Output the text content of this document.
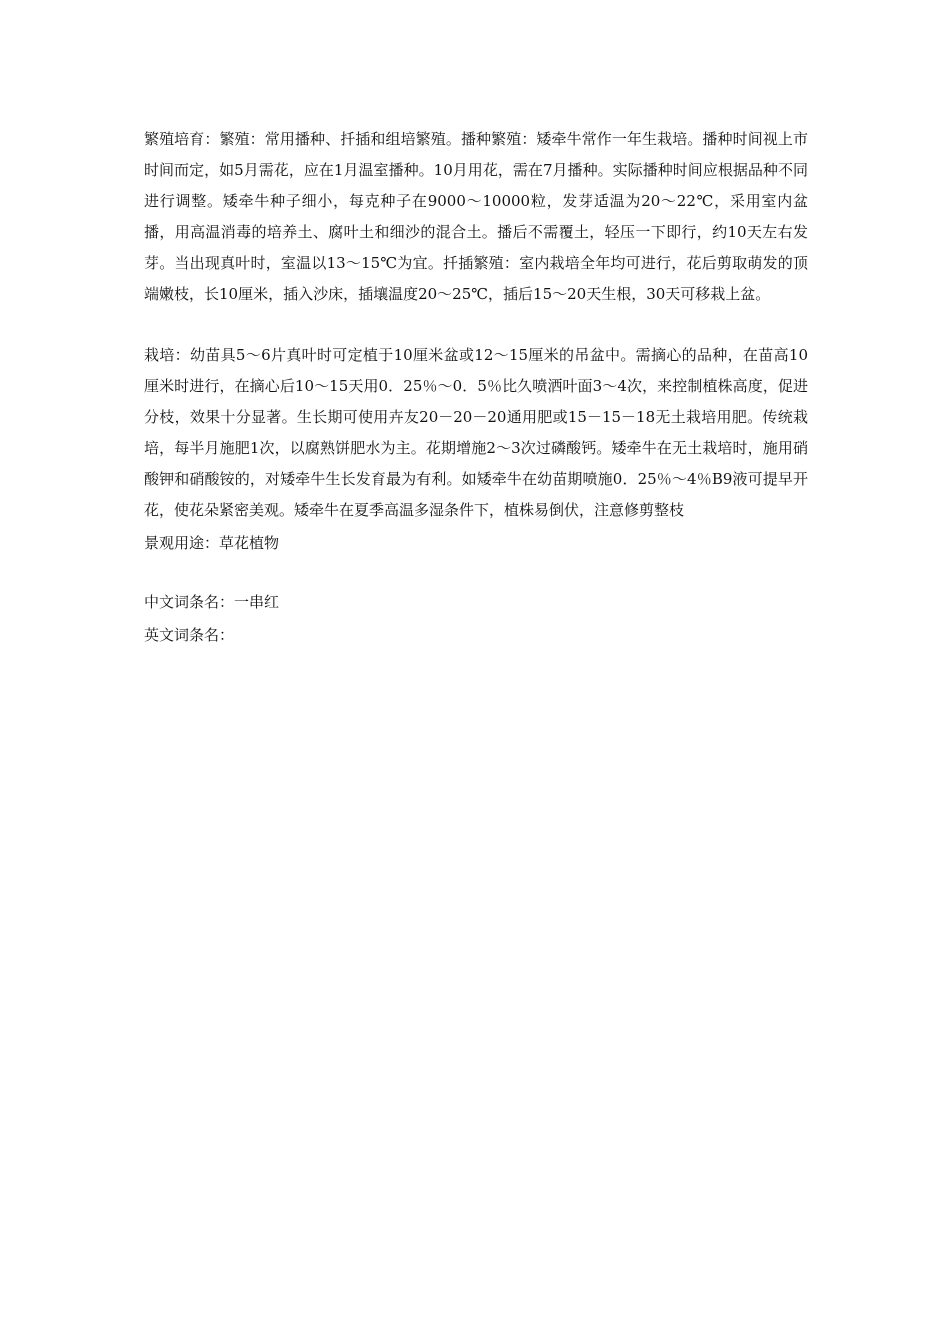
繁殖培育：繁殖：常用播种、扦插和组培繁殖。播种繁殖：矮牵牛常作一年生栽培。播种时间视上市时间而定，如5月需花，应在1月温室播种。10月用花，需在7月播种。实际播种时间应根据品种不同进行调整。矮牵牛种子细小，每克种子在9000～10000粒，发芽适温为20～22℃，采用室内盆播，用高温消毒的培养土、腐叶土和细沙的混合土。播后不需覆土，轻压一下即行，约10天左右发芽。当出现真叶时，室温以13～15℃为宜。扦插繁殖：室内栽培全年均可进行，花后剪取萌发的顶端嫩枝，长10厘米，插入沙床，插壤温度20～25℃，插后15～20天生根，30天可移栽上盆。

栽培：幼苗具5～6片真叶时可定植于10厘米盆或12～15厘米的吊盆中。需摘心的品种，在苗高10厘米时进行，在摘心后10～15天用0．25％～0．5％比久喷洒叶面3～4次，来控制植株高度，促进分枝，效果十分显著。生长期可使用卉友20－20－20通用肥或15－15－18无土栽培用肥。传统栽培，每半月施肥1次，以腐熟饼肥水为主。花期增施2～3次过磷酸钙。矮牵牛在无土栽培时，施用硝酸钾和硝酸铵的，对矮牵牛生长发育最为有利。如矮牵牛在幼苗期喷施0．25％～4％B9液可提早开花，使花朵紧密美观。矮牵牛在夏季高温多湿条件下，植株易倒伏，注意修剪整枝

景观用途：草花植物

中文词条名：一串红

英文词条名：
